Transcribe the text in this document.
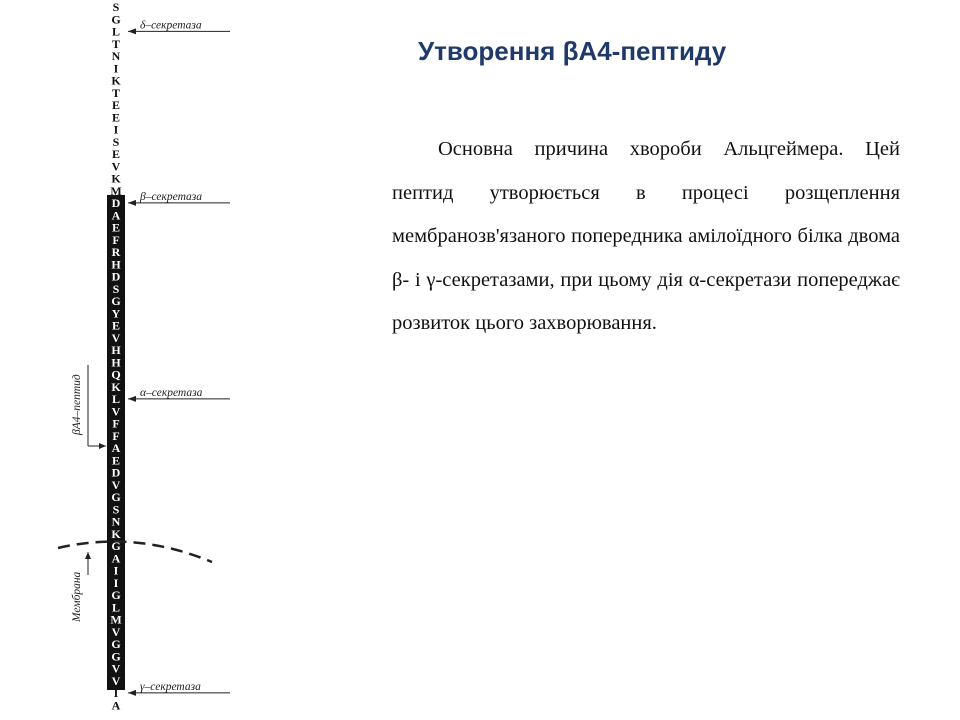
Утворення βА4-пептиду

Основна причина хвороби Альцгеймера. Цей пептид утворюється в процесі розщеплення мембранозв'язаного попередника амілоїдного білка двома β- і γ-секретазами, при цьому дія α-секретази попереджає розвиток цього захворювання.

βА4–пептид
Мембрана
S
G
L
T
N
I
K
T
E
E
I
S
E
V
K
M
D
A
E
F
R
H
D
S
G
Y
E
V
H
H
Q
K
L
V
F
F
A
E
D
V
G
S
N
K
G
A
I
I
G
L
M
V
G
G
V
V
I
A
δ–секретаза
β–секретаза
α–секретаза
γ–секретаза
